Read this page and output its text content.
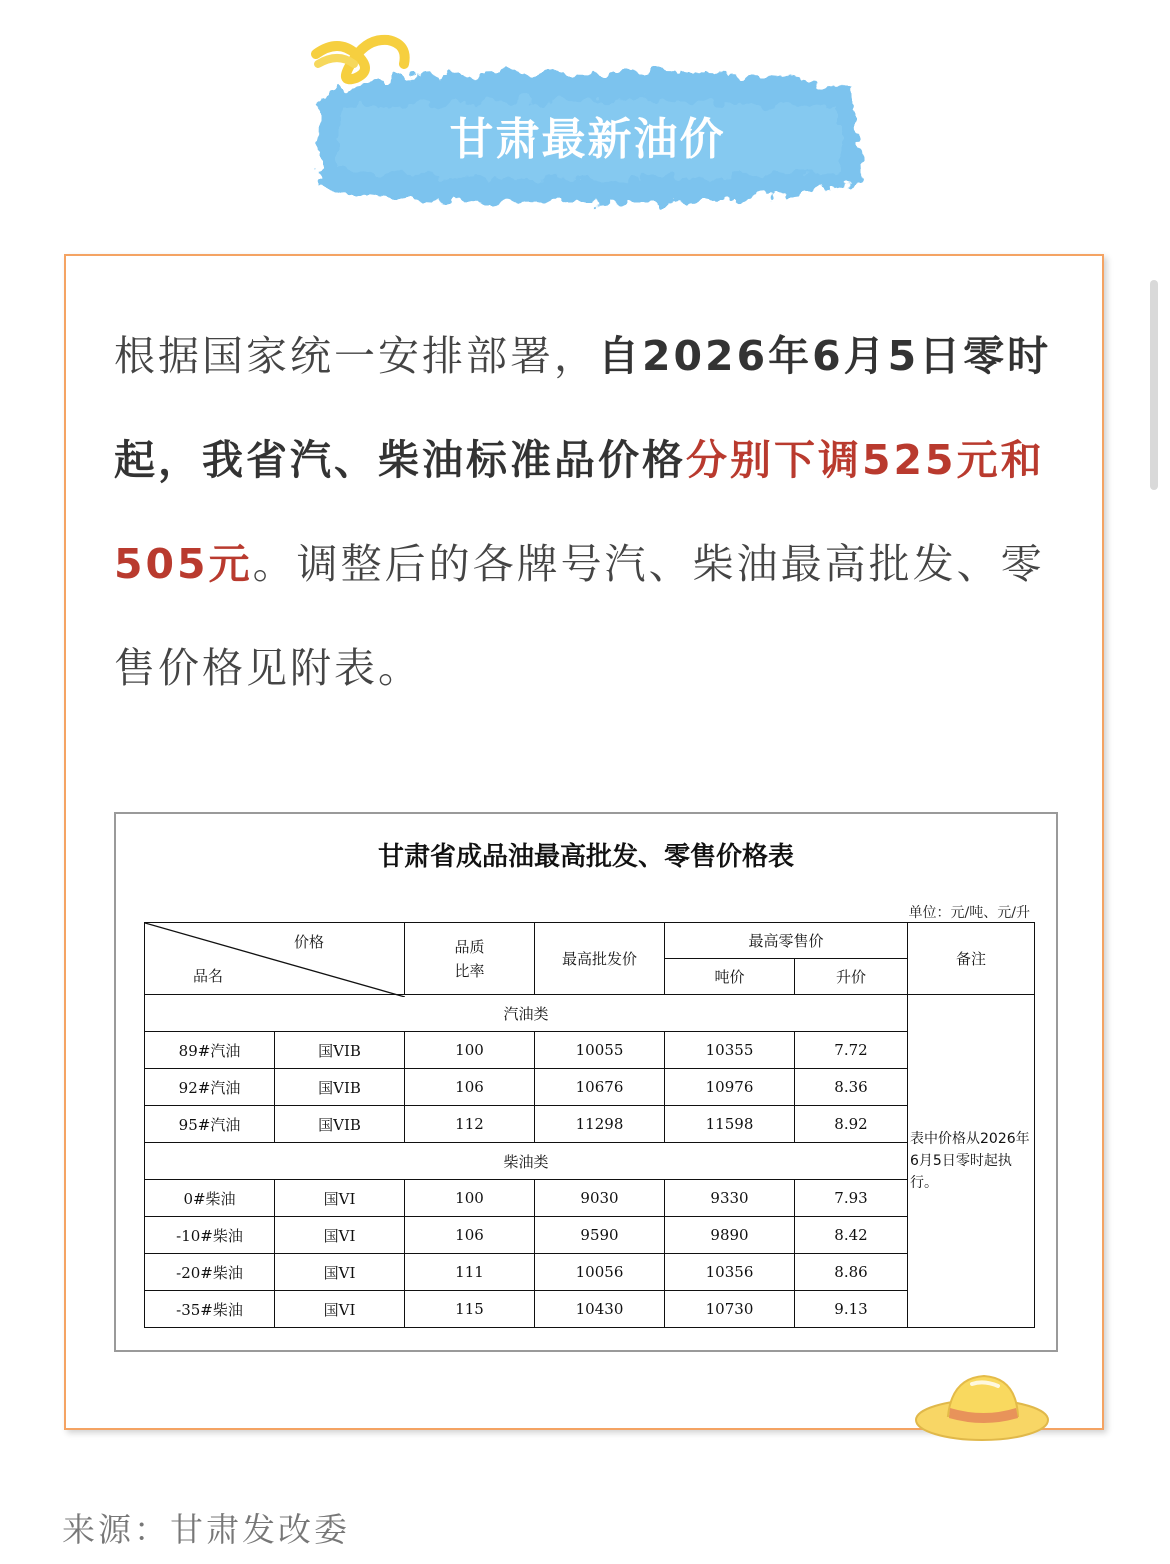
甘肃最新油价

根据国家统一安排部署，自2026年6月5日零时起，我省汽、柴油标准品价格分别下调525元和505元。调整后的各牌号汽、柴油最高批发、零售价格见附表。

甘肃省成品油最高批发、零售价格表
单位：元/吨、元/升
价格
品名		品质比率	最高批发价	最高零售价		备注
				吨价	升价	
汽油类						表中价格从2026年6月5日零时起执行。
89#汽油	国VIB	100	10055	10355	7.72	
92#汽油	国VIB	106	10676	10976	8.36	
95#汽油	国VIB	112	11298	11598	8.92	
柴油类						
0#柴油	国VI	100	9030	9330	7.93	
-10#柴油	国VI	106	9590	9890	8.42	
-20#柴油	国VI	111	10056	10356	8.86	
-35#柴油	国VI	115	10430	10730	9.13	
来源：甘肃发改委
